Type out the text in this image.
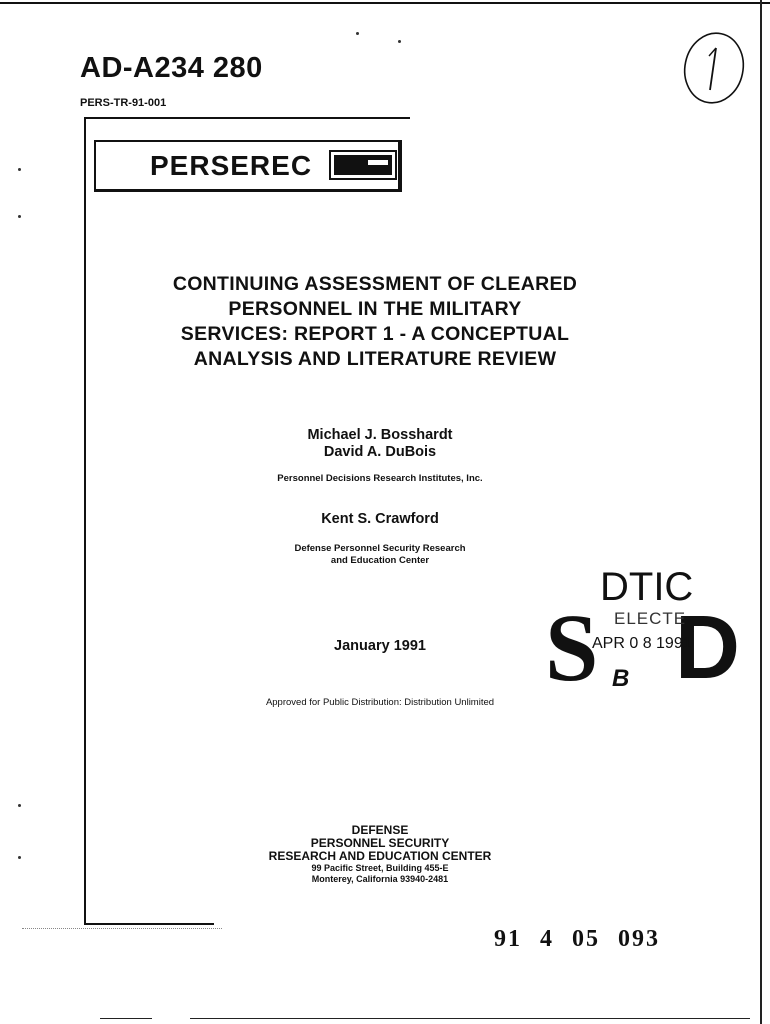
AD-A234 280
PERS-TR-91-001
PERSEREC
CONTINUING ASSESSMENT OF CLEARED
PERSONNEL IN THE MILITARY
SERVICES: REPORT 1 - A CONCEPTUAL
ANALYSIS AND LITERATURE REVIEW
Michael J. Bosshardt
David A. DuBois
Personnel Decisions Research Institutes, Inc.
Kent S. Crawford
Defense Personnel Security Research
and Education Center
January 1991
Approved for Public Distribution: Distribution Unlimited
DTIC
S D
ELECTE
APR 0 8 1991
B
DEFENSE
PERSONNEL SECURITY
RESEARCH AND EDUCATION CENTER
99 Pacific Street, Building 455-E
Monterey, California 93940-2481
91 4 05 093
